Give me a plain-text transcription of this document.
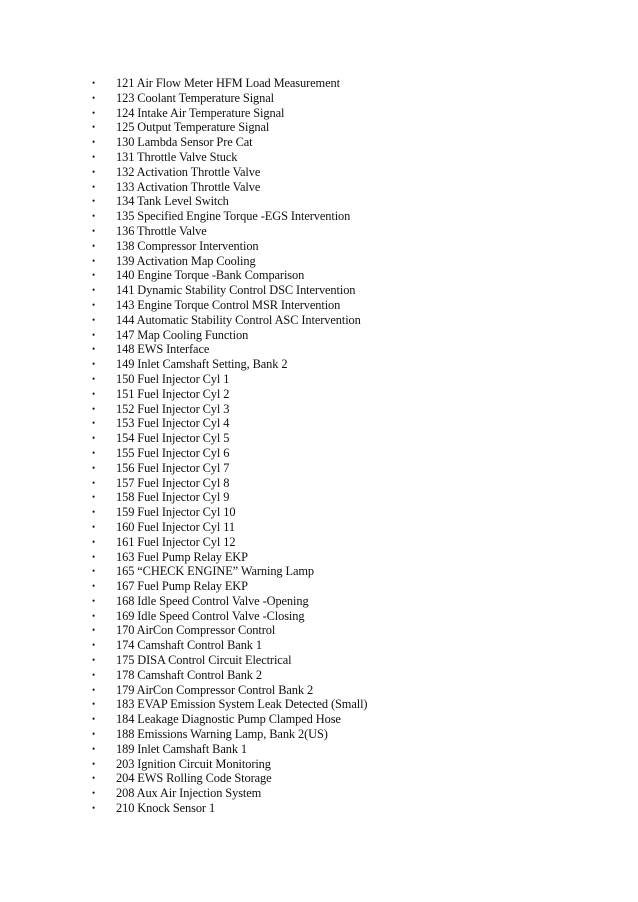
•	121 Air Flow Meter HFM Load Measurement
•	123 Coolant Temperature Signal
•	124 Intake Air Temperature Signal
•	125 Output Temperature Signal
•	130 Lambda Sensor Pre Cat
•	131 Throttle Valve Stuck
•	132 Activation Throttle Valve
•	133 Activation Throttle Valve
•	134 Tank Level Switch
•	135 Specified Engine Torque -EGS Intervention
•	136 Throttle Valve
•	138 Compressor Intervention
•	139 Activation Map Cooling
•	140 Engine Torque -Bank Comparison
•	141 Dynamic Stability Control DSC Intervention
•	143 Engine Torque Control MSR Intervention
•	144 Automatic Stability Control ASC Intervention
•	147 Map Cooling Function
•	148 EWS Interface
•	149 Inlet Camshaft Setting, Bank 2
•	150 Fuel Injector Cyl 1
•	151 Fuel Injector Cyl 2
•	152 Fuel Injector Cyl 3
•	153 Fuel Injector Cyl 4
•	154 Fuel Injector Cyl 5
•	155 Fuel Injector Cyl 6
•	156 Fuel Injector Cyl 7
•	157 Fuel Injector Cyl 8
•	158 Fuel Injector Cyl 9
•	159 Fuel Injector Cyl 10
•	160 Fuel Injector Cyl 11
•	161 Fuel Injector Cyl 12
•	163 Fuel Pump Relay EKP
•	165 “CHECK ENGINE” Warning Lamp
•	167 Fuel Pump Relay EKP
•	168 Idle Speed Control Valve -Opening
•	169 Idle Speed Control Valve -Closing
•	170 AirCon Compressor Control
•	174 Camshaft Control Bank 1
•	175 DISA Control Circuit Electrical
•	178 Camshaft Control Bank 2
•	179 AirCon Compressor Control Bank 2
•	183 EVAP Emission System Leak Detected (Small)
•	184 Leakage Diagnostic Pump Clamped Hose
•	188 Emissions Warning Lamp, Bank 2(US)
•	189 Inlet Camshaft Bank 1
•	203 Ignition Circuit Monitoring
•	204 EWS Rolling Code Storage
•	208 Aux Air Injection System
•	210 Knock Sensor 1
